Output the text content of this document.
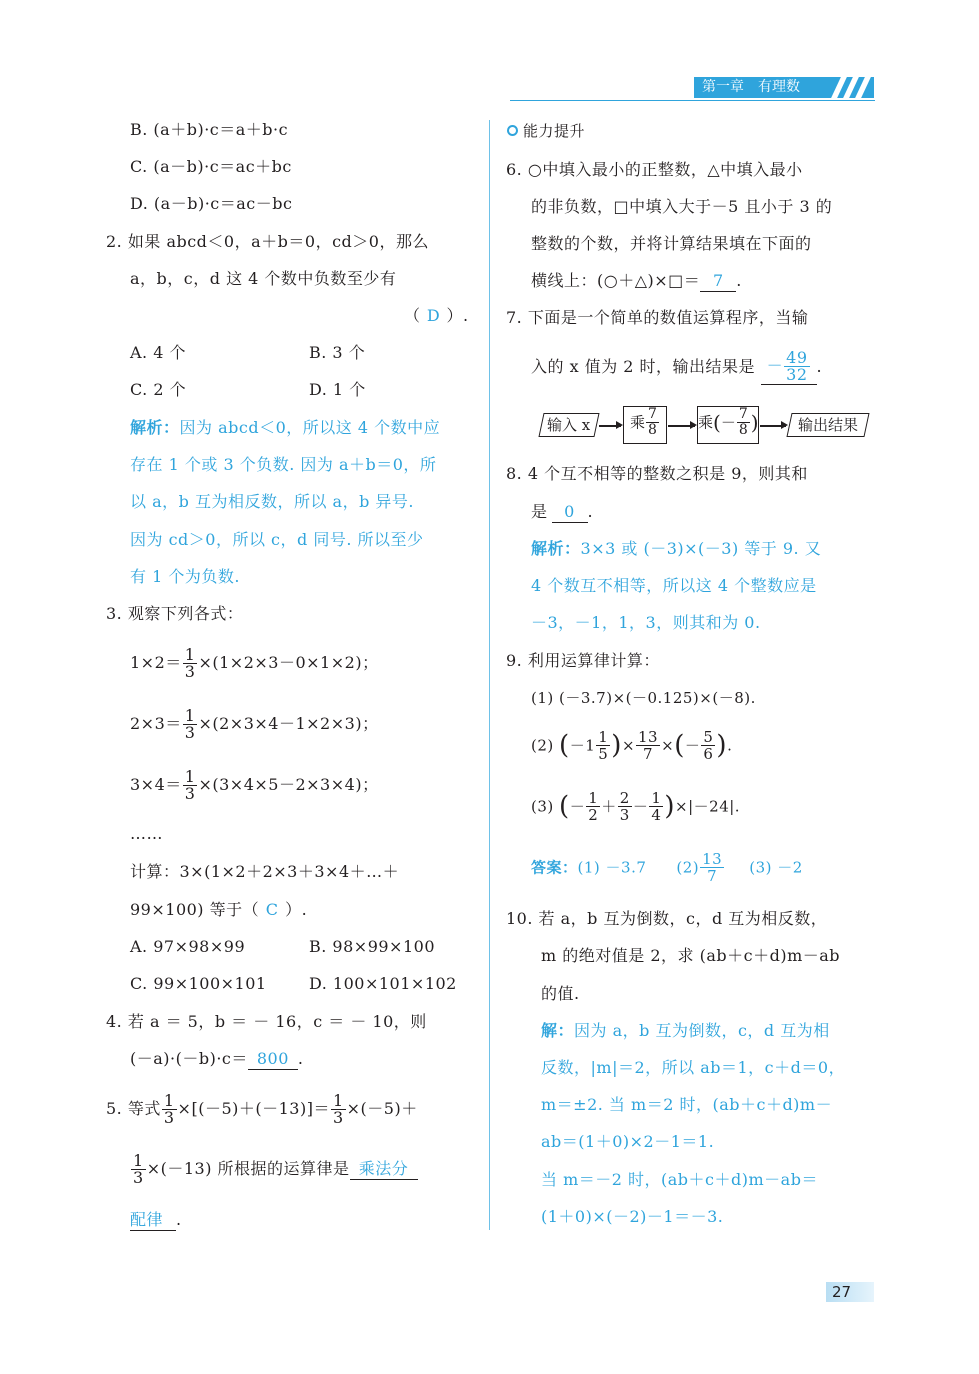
第一章　有理数
B. (a＋b)·c＝a＋b·c
C. (a－b)·c＝ac＋bc
D. (a－b)·c＝ac－bc
2. 如果 abcd＜0，a＋b＝0，cd＞0，那么
a，b，c，d 这 4 个数中负数至少有
（ D ）.
A. 4 个	B. 3 个
C. 2 个	D. 1 个
解析：因为 abcd＜0，所以这 4 个数中应
存在 1 个或 3 个负数. 因为 a＋b＝0，所
以 a，b 互为相反数，所以 a，b 异号.
因为 cd＞0，所以 c，d 同号. 所以至少
有 1 个为负数.
3. 观察下列各式：
$1\times 2= \frac{1}{3} \times(1\times 2\times 3-0\times 1\times 2)$；
$2\times 3= \frac{1}{3} \times(2\times 3\times 4-1\times 2\times 3)$；
$3\times 4= \frac{1}{3} \times(3\times 4\times 5-2\times 3\times 4)$；
……
计算：3×(1×2＋2×3＋3×4＋…＋
99×100) 等于（ C ）.
A. 97×98×99	B. 98×99×100
C. 99×100×101	D. 100×101×102
4. 若 a ＝ 5，b ＝ － 16，c ＝ － 10，则
(－a)·(－b)·c＝ 800 .
5. 等式 $\frac{1}{3} \times[(-5)+(-13)]= \frac{1}{3} \times(-5)+$
$\frac{1}{3} \times(-13)$ 所根据的运算律是 乘法分
配律 .
能力提升
6. ○中填入最小的正整数，△中填入最小
的非负数，□中填入大于－5 且小于 3 的
整数的个数，并将计算结果填在下面的
横线上：(○＋△)×□＝ 7 .
7. 下面是一个简单的数值运算程序，当输
入的 x 值为 2 时，输出结果是 － $\frac{49}{32}$ .
输入 x	乘 $\frac{7}{8}$	乘(－ $\frac{7}{8}$ )	输出结果
8. 4 个互不相等的整数之积是 9，则其和
是 0 .
解析：3×3 或 (－3)×(－3) 等于 9. 又
4 个数互不相等，所以这 4 个整数应是
－3，－1，1，3，则其和为 0.
9. 利用运算律计算：
(1) (－3.7)×(－0.125)×(－8).
(2) ($-1 \frac{1}{5}$ )× $\frac{13}{7}$ ×(－ $\frac{5}{6}$ ).
(3) (－ $\frac{1}{2} + \frac{2}{3} - \frac{1}{4} )\times|-24|$.
答案：(1) －3.7 $(2) \frac{13}{7} (3) -2$
10. 若 a，b 互为倒数，c，d 互为相反数，
m 的绝对值是 2，求 (ab＋c＋d)m－ab
的值.
解：因为 a，b 互为倒数，c，d 互为相
反数，|m|＝2，所以 ab＝1，c＋d＝0，
m＝±2. 当 m＝2 时，(ab＋c＋d)m－
ab＝(1＋0)×2－1＝1.
当 m＝－2 时，(ab＋c＋d)m－ab＝
(1＋0)×(－2)－1＝－3.
27
